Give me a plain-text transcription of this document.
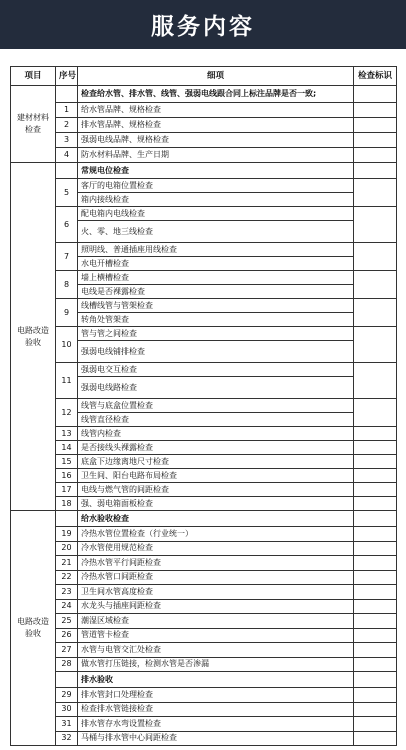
服务内容
项目	序号	细项	检查标识
建材材料检查		检查给水管、排水管、线管、强弱电线跟合同上标注品牌是否一致;	
	1	给水管品牌、规格检查	
	2	排水管品牌、规格检查	
	3	强弱电线品牌、规格检查	
	4	防水材料品牌、生产日期	
电路改造验收		常规电位检查	
	5	客厅的电箱位置检查	
		箱内接线检查	
	6	配电箱内电线检查	
		火、零、地三线检查	
	7	照明线、普通插座用线检查	
		水电开槽检查	
	8	墙上横槽检查	
		电线是否裸露检查	
	9	线槽线管与管架检查	
		转角处管架查	
	10	管与管之间检查	
		强弱电线铺排检查	
	11	强弱电交互检查	
		强弱电线路检查	
	12	线管与底盒位置检查	
		线管直径检查	
	13	线管内检查	
	14	是否接线头裸露检查	
	15	底盒下边缘离地尺寸检查	
	16	卫生间、阳台电路布局检查	
	17	电线与燃气管的间距检查	
	18	强、弱电箱面板检查	
电路改造验收		给水验收检查	
	19	冷热水管位置检查（行业统一）	
	20	冷水管使用规范检查	
	21	冷热水管平行间距检查	
	22	冷热水管口间距检查	
	23	卫生间水管高度检查	
	24	水龙头与插座间距检查	
	25	潮湿区域检查	
	26	管道管卡检查	
	27	水管与电管交汇处检查	
	28	做水管打压链接，检测水管是否渗漏	
		排水验收	
	29	排水管封口处理检查	
	30	检查排水管链接检查	
	31	排水管存水弯设置检查	
	32	马桶与排水管中心间距检查	
